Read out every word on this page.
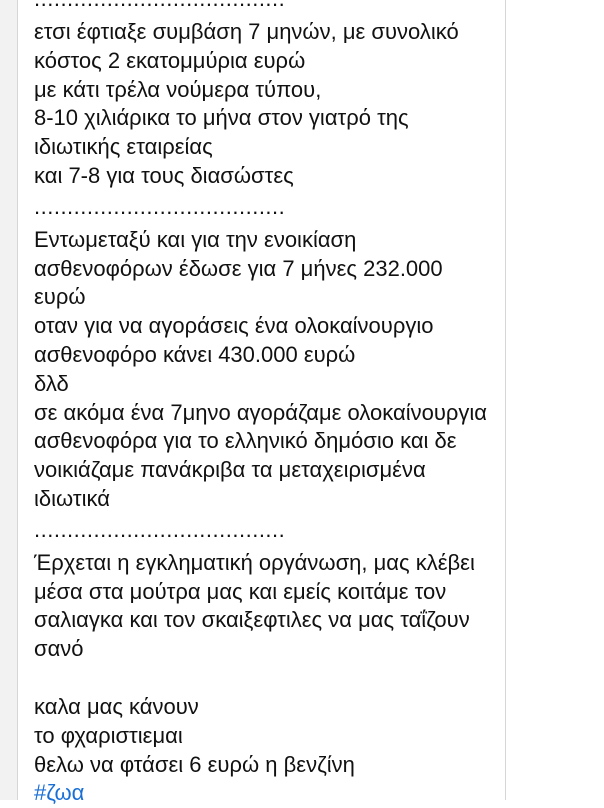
ετσι έφτιαξε συμβάση 7 μηνών, με συνολικό
κόστος 2 εκατομμύρια ευρώ
με κάτι τρέλα νούμερα τύπου,
8-10 χιλιάρικα το μήνα στον γιατρό της
ιδιωτικής εταιρείας
και 7-8 για τους διασώστες
......................................
Εντωμεταξύ και για την ενοικίαση
ασθενοφόρων έδωσε για 7 μήνες 232.000
ευρώ
οταν για να αγοράσεις ένα ολοκαίνουργιο
ασθενοφόρο κάνει 430.000 ευρώ
δλδ
σε ακόμα ένα 7μηνο αγοράζαμε ολοκαίνουργια
ασθενοφόρα για το ελληνικό δημόσιο και δε
νοικιάζαμε πανάκριβα τα μεταχειρισμένα
ιδιωτικά
......................................
Έρχεται η εγκληματική οργάνωση, μας κλέβει
μέσα στα μούτρα μας και εμείς κοιτάμε τον
σαλιαγκα και τον σκαιξεφτιλες να μας ταΐζουν
σανό
καλα μας κάνουν
το φχαριστιεμαι
θελω να φτάσει 6 ευρώ η βενζίνη
#ζωα
